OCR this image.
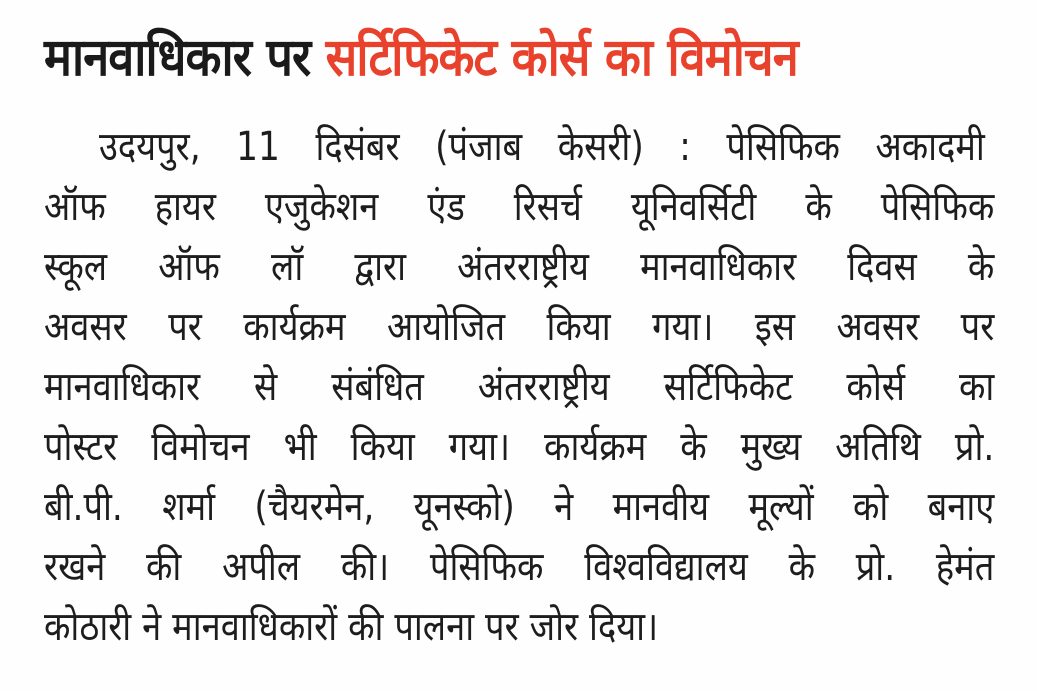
मानवाधिकार पर सर्टिफिकेट कोर्स का विमोचन
उदयपुर, 11 दिसंबर (पंजाब केसरी) : पेसिफिक अकादमी
ऑफ हायर एजुकेशन एंड रिसर्च यूनिवर्सिटी के पेसिफिक
स्कूल ऑफ लॉ द्वारा अंतरराष्ट्रीय मानवाधिकार दिवस के
अवसर पर कार्यक्रम आयोजित किया गया। इस अवसर पर
मानवाधिकार से संबंधित अंतरराष्ट्रीय सर्टिफिकेट कोर्स का
पोस्टर विमोचन भी किया गया। कार्यक्रम के मुख्य अतिथि प्रो.
बी.पी. शर्मा (चैयरमेन, यूनस्को) ने मानवीय मूल्यों को बनाए
रखने की अपील की। पेसिफिक विश्वविद्यालय के प्रो. हेमंत
कोठारी ने मानवाधिकारों की पालना पर जोर दिया।
